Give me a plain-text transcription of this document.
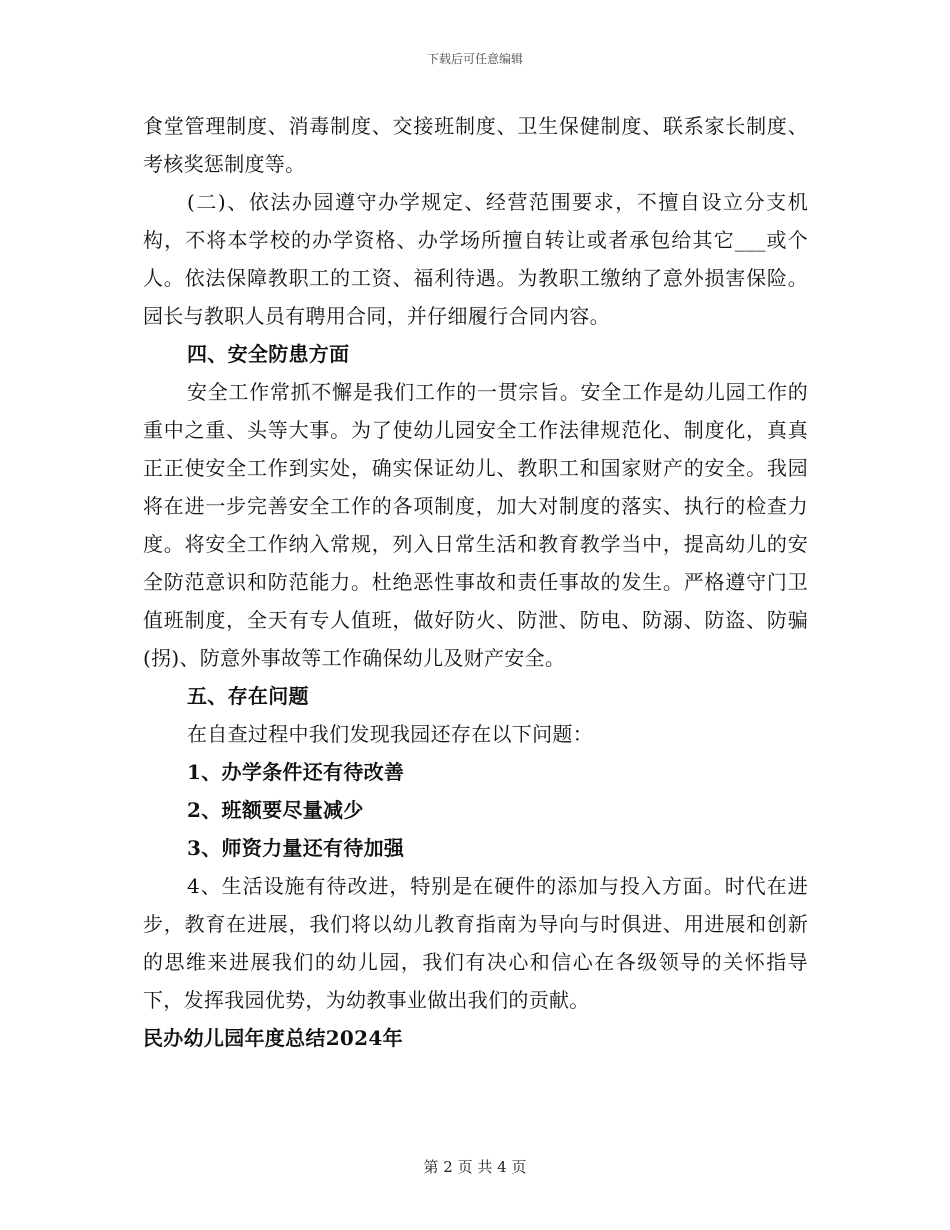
下载后可任意编辑

食堂管理制度、消毒制度、交接班制度、卫生保健制度、联系家长制度、考核奖惩制度等。

(二)、依法办园遵守办学规定、经营范围要求，不擅自设立分支机构，不将本学校的办学资格、办学场所擅自转让或者承包给其它___或个人。依法保障教职工的工资、福利待遇。为教职工缴纳了意外损害保险。园长与教职人员有聘用合同，并仔细履行合同内容。

四、安全防患方面

安全工作常抓不懈是我们工作的一贯宗旨。安全工作是幼儿园工作的重中之重、头等大事。为了使幼儿园安全工作法律规范化、制度化，真真正正使安全工作到实处，确实保证幼儿、教职工和国家财产的安全。我园将在进一步完善安全工作的各项制度，加大对制度的落实、执行的检查力度。将安全工作纳入常规，列入日常生活和教育教学当中，提高幼儿的安全防范意识和防范能力。杜绝恶性事故和责任事故的发生。严格遵守门卫值班制度，全天有专人值班，做好防火、防泄、防电、防溺、防盗、防骗(拐)、防意外事故等工作确保幼儿及财产安全。

五、存在问题

在自查过程中我们发现我园还存在以下问题：

1、办学条件还有待改善

2、班额要尽量减少

3、师资力量还有待加强

4、生活设施有待改进，特别是在硬件的添加与投入方面。时代在进步，教育在进展，我们将以幼儿教育指南为导向与时俱进、用进展和创新的思维来进展我们的幼儿园，我们有决心和信心在各级领导的关怀指导下，发挥我园优势，为幼教事业做出我们的贡献。

民办幼儿园年度总结2024年

第 2 页 共 4 页
